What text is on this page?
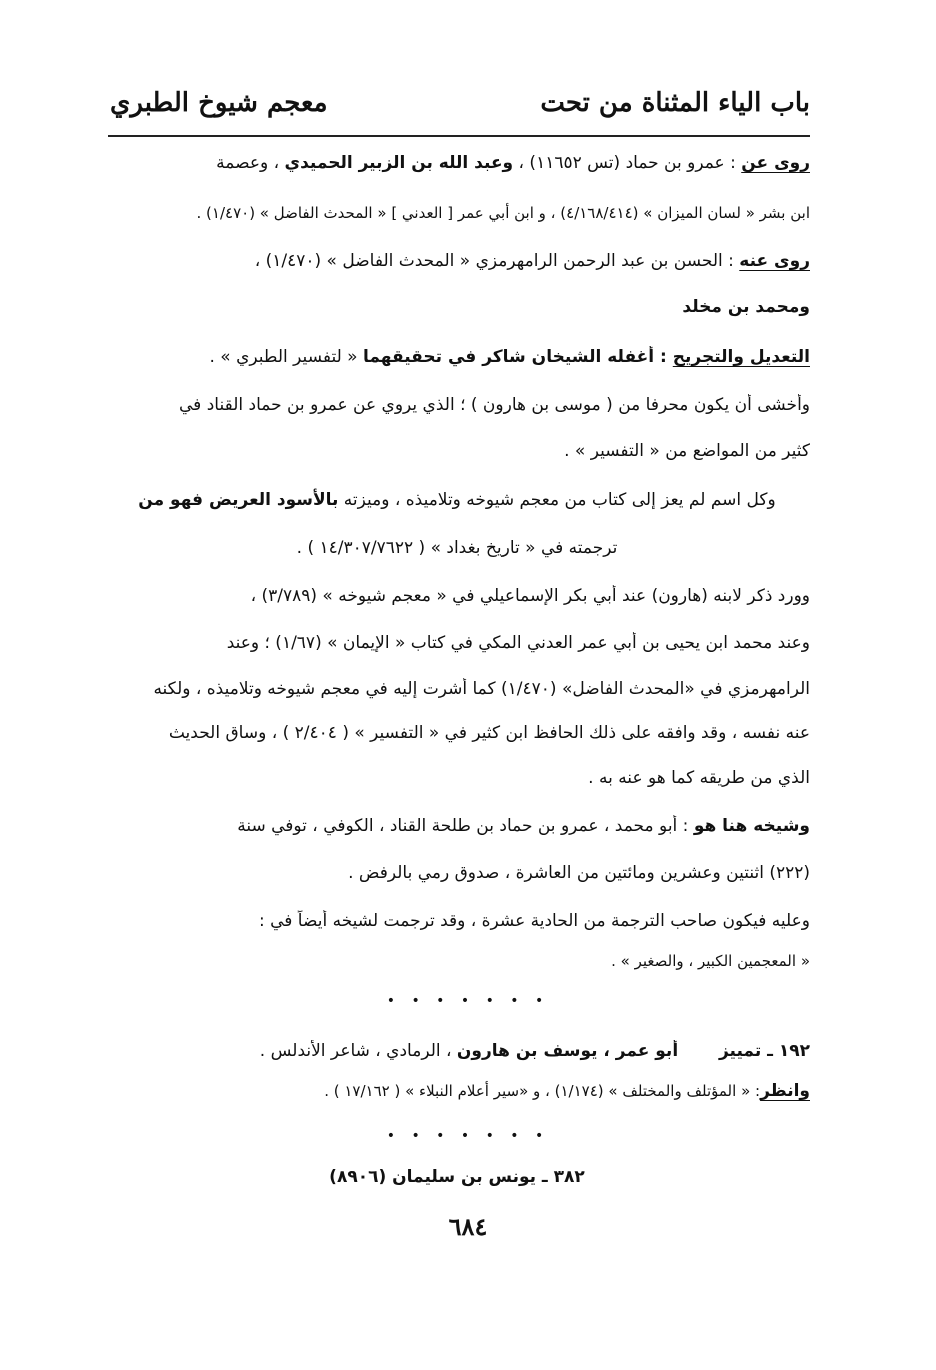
باب الياء المثناة من تحت
معجم شيوخ الطبري
روى عن : عمرو بن حماد (تس ١١٦٥٢) ، وعبد الله بن الزبير الحميدي ، وعصمة
ابن بشر « لسان الميزان » (٤/١٦٨/٤١٤) ، و ابن أبي عمر [ العدني ] « المحدث الفاضل » (١/٤٧٠) .
روى عنه : الحسن بن عبد الرحمن الرامهرمزي « المحدث الفاضل » (١/٤٧٠) ،
ومحمد بن مخلد
التعديل والتجريح : أغفله الشيخان شاكر في تحقيقهما « لتفسير الطبري » .
وأخشى أن يكون محرفا من ( موسى بن هارون ) ؛ الذي يروي عن عمرو بن حماد القناد في
كثير من المواضع من « التفسير » .
وكل اسم لم يعز إلى كتاب من معجم شيوخه وتلاميذه ، وميزته بالأسود العريض فهو من
ترجمته في « تاريخ بغداد » ( ١٤/٣٠٧/٧٦٢٢ ) .
وورد ذكر لابنه (هارون) عند أبي بكر الإسماعيلي في « معجم شيوخه » (٣/٧٨٩) ،
وعند محمد ابن يحيى بن أبي عمر العدني المكي في كتاب « الإيمان » (١/٦٧) ؛ وعند
الرامهرمزي في «المحدث الفاضل» (١/٤٧٠) كما أشرت إليه في معجم شيوخه وتلاميذه ، ولكنه
عنه نفسه ، وقد وافقه على ذلك الحافظ ابن كثير في « التفسير » ( ٢/٤٠٤ ) ، وساق الحديث
الذي من طريقه كما هو عنه به .
وشيخه هنا هو : أبو محمد ، عمرو بن حماد بن طلحة القناد ، الكوفي ، توفي سنة
(٢٢٢) اثنتين وعشرين ومائتين من العاشرة ، صدوق رمي بالرفض .
وعليه فيكون صاحب الترجمة من الحادية عشرة ، وقد ترجمت لشيخه أيضاً في :
« المعجمين الكبير ، والصغير » .
• • • • • • •
١٩٢ ـ تمييز  أبو عمر ، يوسف بن هارون ، الرمادي ، شاعر الأندلس .
وانظر: « المؤتلف والمختلف » (١/١٧٤) ، و «سير أعلام النبلاء » ( ١٧/١٦٢ ) .
• • • • • • •
٣٨٢ ـ يونس بن سليمان (٨٩٠٦)
٦٨٤
